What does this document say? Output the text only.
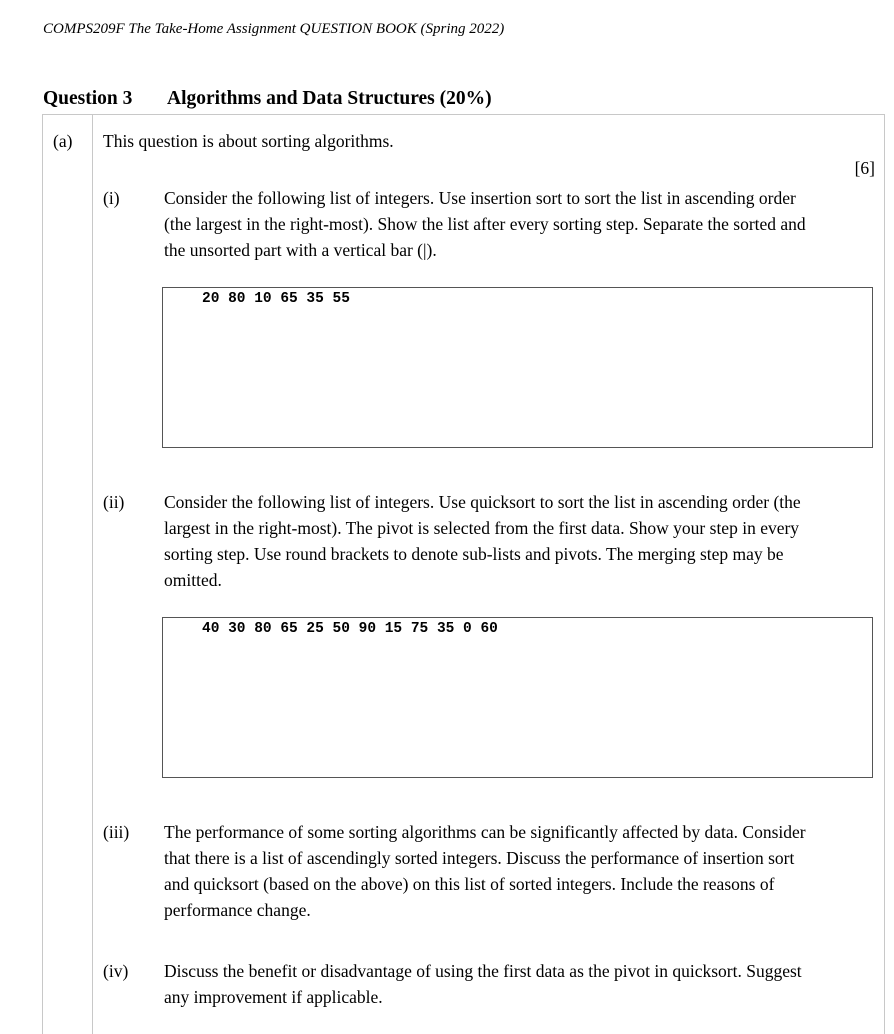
COMPS209F The Take-Home Assignment QUESTION BOOK (Spring 2022)
Question 3 Algorithms and Data Structures (20%)
(a) This question is about sorting algorithms.
[6]
(i)	Consider the following list of integers. Use insertion sort to sort the list in ascending order
(the largest in the right-most). Show the list after every sorting step. Separate the sorted and
the unsorted part with a vertical bar (|).
20 80 10 65 35 55
(ii) Consider the following list of integers. Use quicksort to sort the list in ascending order (the
largest in the right-most). The pivot is selected from the first data. Show your step in every
sorting step. Use round brackets to denote sub-lists and pivots. The merging step may be
omitted.
40 30 80 65 25 50 90 15 75 35 0 60
(iii) The performance of some sorting algorithms can be significantly affected by data. Consider
that there is a list of ascendingly sorted integers. Discuss the performance of insertion sort
and quicksort (based on the above) on this list of sorted integers. Include the reasons of
performance change.
(iv) Discuss the benefit or disadvantage of using the first data as the pivot in quicksort. Suggest
any improvement if applicable.
